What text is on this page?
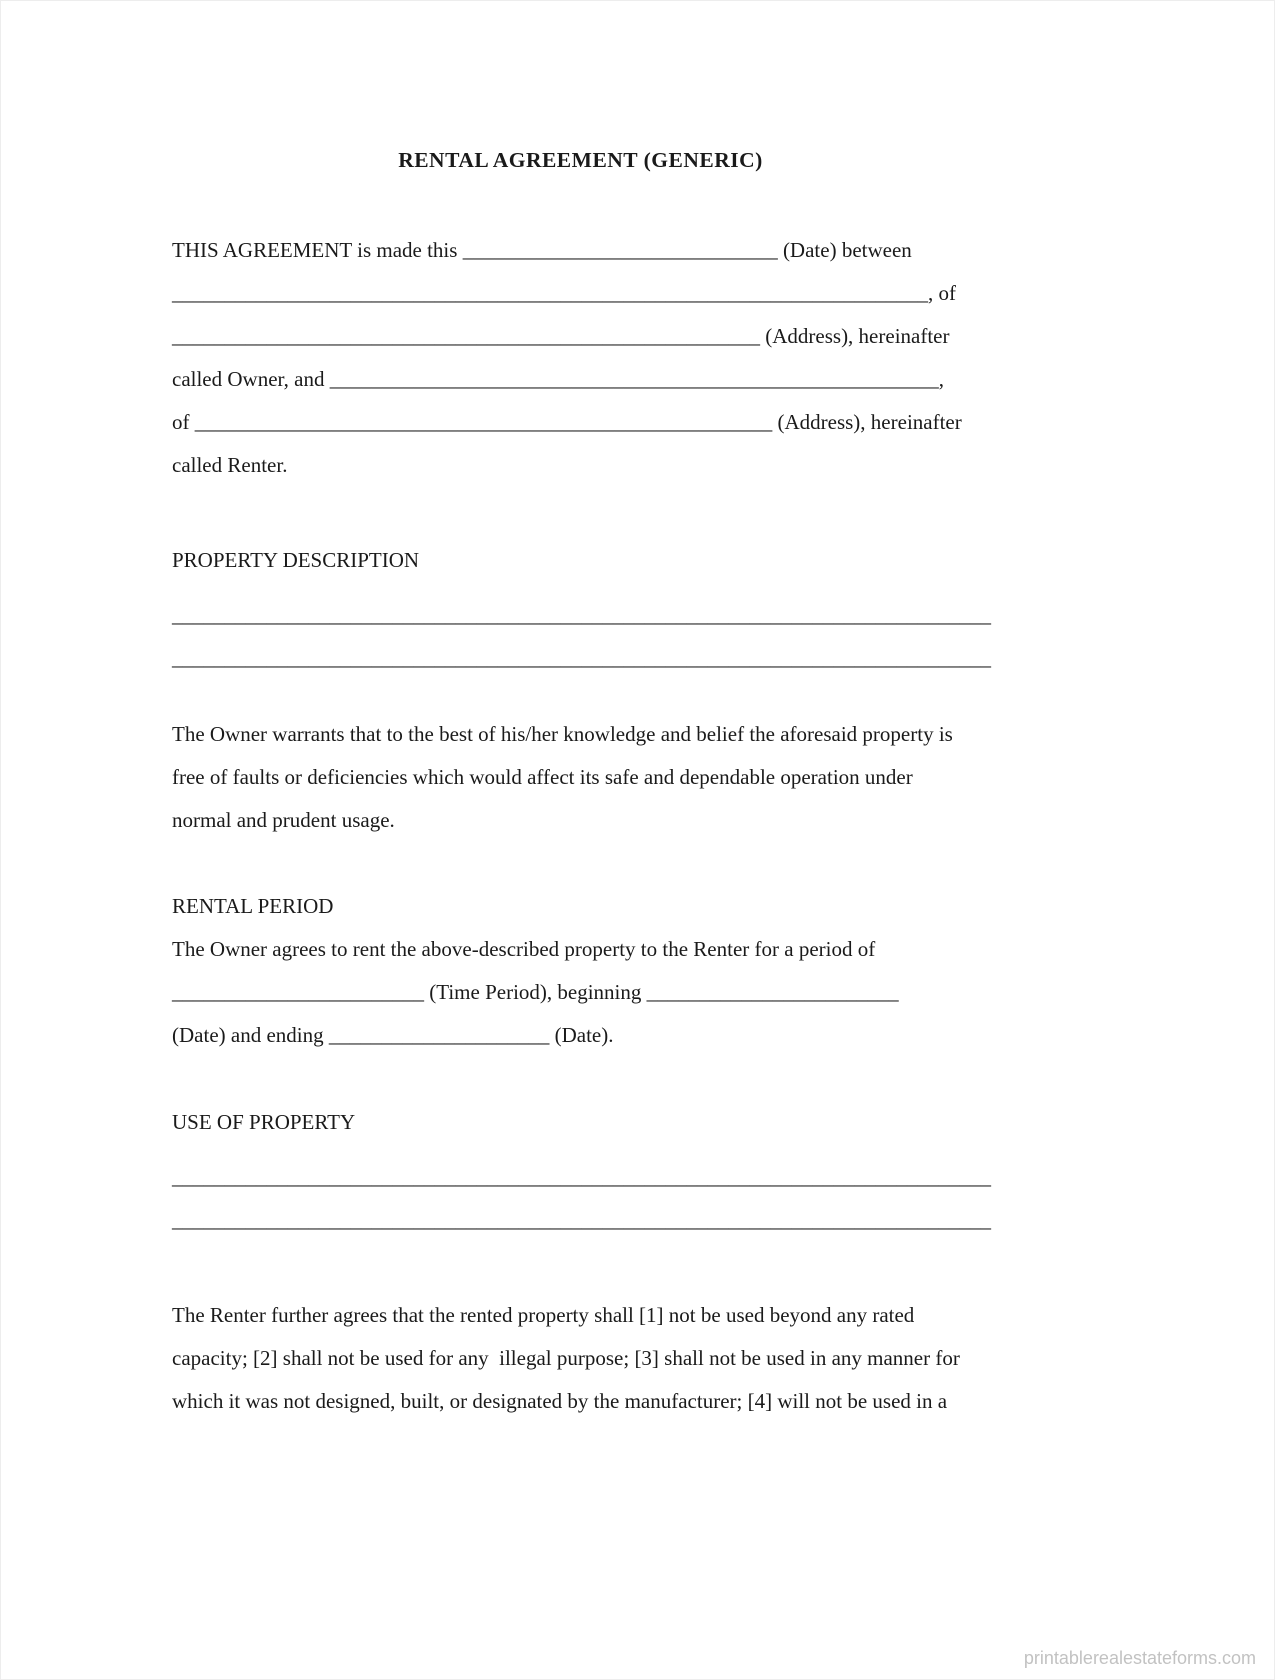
RENTAL AGREEMENT (GENERIC)
THIS AGREEMENT is made this ______________________________ (Date) between
________________________________________________________________________, of
________________________________________________________ (Address), hereinafter
called Owner, and __________________________________________________________,
of _______________________________________________________ (Address), hereinafter
called Renter.
PROPERTY DESCRIPTION
______________________________________________________________________________
______________________________________________________________________________
The Owner warrants that to the best of his/her knowledge and belief the aforesaid property is
free of faults or deficiencies which would affect its safe and dependable operation under
normal and prudent usage.
RENTAL PERIOD
The Owner agrees to rent the above-described property to the Renter for a period of
________________________ (Time Period), beginning ________________________
(Date) and ending _____________________ (Date).
USE OF PROPERTY
______________________________________________________________________________
______________________________________________________________________________
The Renter further agrees that the rented property shall [1] not be used beyond any rated
capacity; [2] shall not be used for any  illegal purpose; [3] shall not be used in any manner for
which it was not designed, built, or designated by the manufacturer; [4] will not be used in a
printablerealestateforms.com
